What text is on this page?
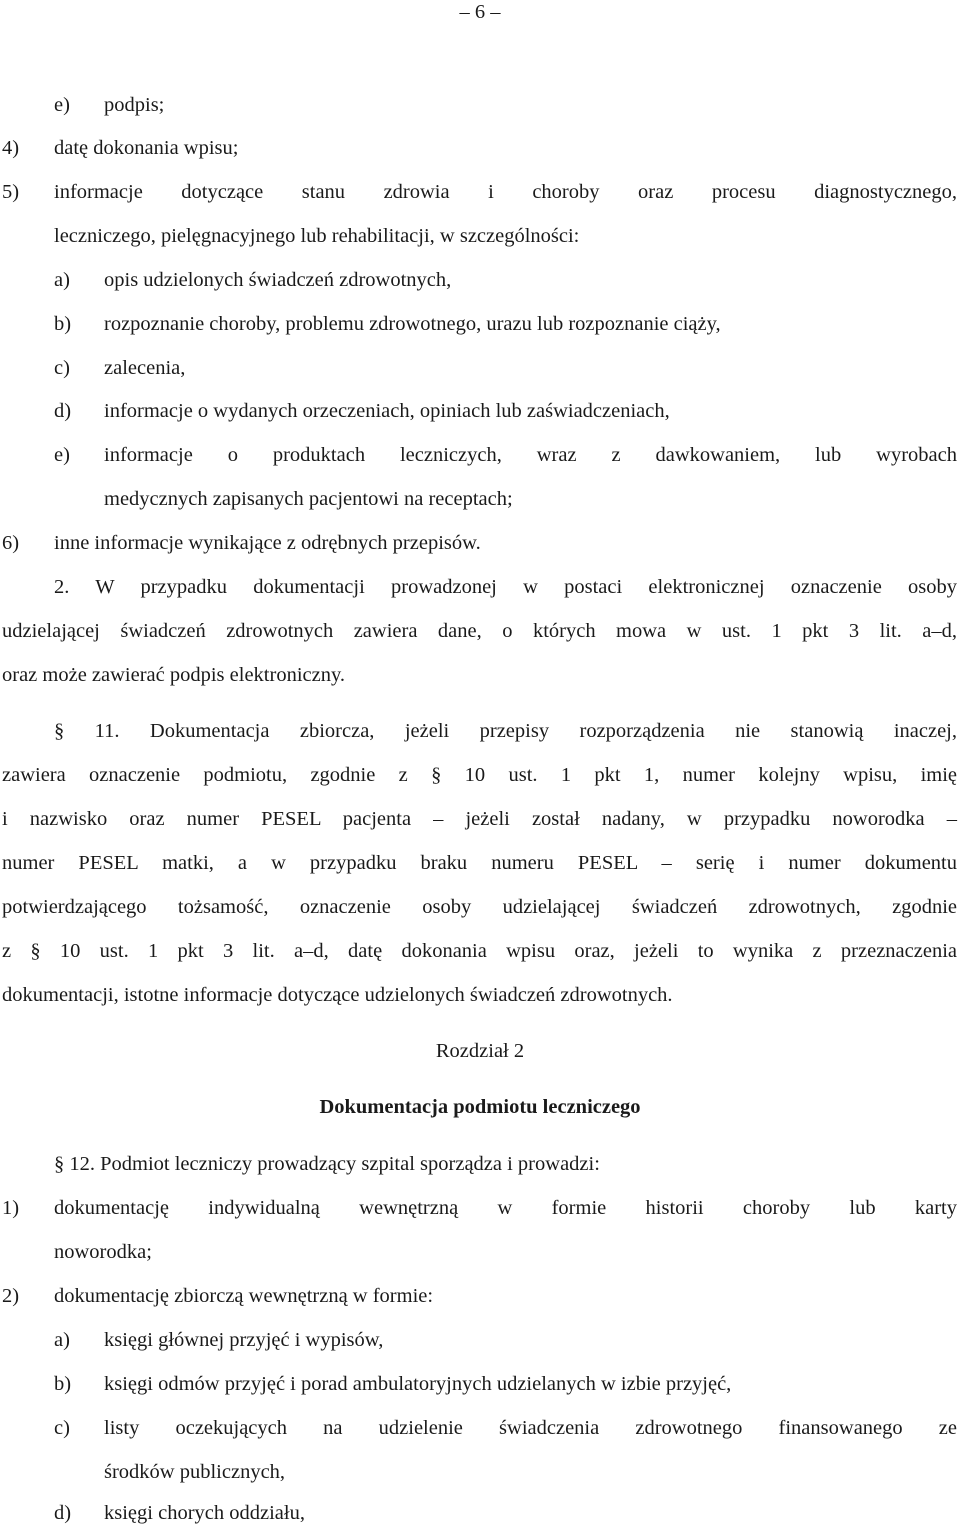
– 6 –
e) podpis;
4) datę dokonania wpisu;
5) informacje dotyczące stanu zdrowia i choroby oraz procesu diagnostycznego,
leczniczego, pielęgnacyjnego lub rehabilitacji, w szczególności:
a) opis udzielonych świadczeń zdrowotnych,
b) rozpoznanie choroby, problemu zdrowotnego, urazu lub rozpoznanie ciąży,
c) zalecenia,
d) informacje o wydanych orzeczeniach, opiniach lub zaświadczeniach,
e) informacje o produktach leczniczych, wraz z dawkowaniem, lub wyrobach
medycznych zapisanych pacjentowi na receptach;
6) inne informacje wynikające z odrębnych przepisów.
2. W przypadku dokumentacji prowadzonej w postaci elektronicznej oznaczenie osoby
udzielającej świadczeń zdrowotnych zawiera dane, o których mowa w ust. 1 pkt 3 lit. a–d,
oraz może zawierać podpis elektroniczny.
§ 11. Dokumentacja zbiorcza, jeżeli przepisy rozporządzenia nie stanowią inaczej,
zawiera oznaczenie podmiotu, zgodnie z § 10 ust. 1 pkt 1, numer kolejny wpisu, imię
i nazwisko oraz numer PESEL pacjenta – jeżeli został nadany, w przypadku noworodka –
numer PESEL matki, a w przypadku braku numeru PESEL – serię i numer dokumentu
potwierdzającego tożsamość, oznaczenie osoby udzielającej świadczeń zdrowotnych, zgodnie
z § 10 ust. 1 pkt 3 lit. a–d, datę dokonania wpisu oraz, jeżeli to wynika z przeznaczenia
dokumentacji, istotne informacje dotyczące udzielonych świadczeń zdrowotnych.
Rozdział 2
Dokumentacja podmiotu leczniczego
§ 12. Podmiot leczniczy prowadzący szpital sporządza i prowadzi:
1) dokumentację indywidualną wewnętrzną w formie historii choroby lub karty
noworodka;
2) dokumentację zbiorczą wewnętrzną w formie:
a) księgi głównej przyjęć i wypisów,
b) księgi odmów przyjęć i porad ambulatoryjnych udzielanych w izbie przyjęć,
c) listy oczekujących na udzielenie świadczenia zdrowotnego finansowanego ze
środków publicznych,
d) księgi chorych oddziału,
